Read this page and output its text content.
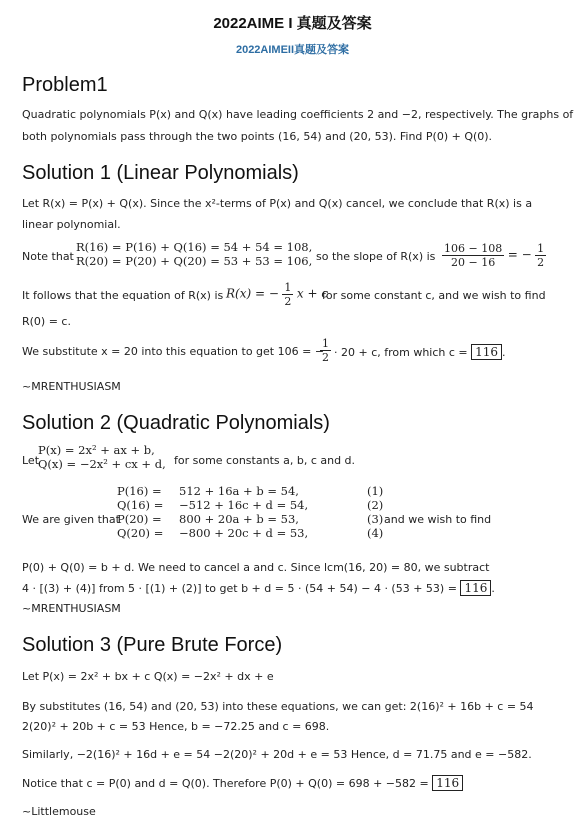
2022AIME I 真题及答案
2022AIMEII真题及答案
Problem1
Quadratic polynomials P(x) and Q(x) have leading coefficients 2 and −2, respectively. The graphs of
both polynomials pass through the two points (16, 54) and (20, 53). Find P(0) + Q(0).
Solution 1 (Linear Polynomials)
Let R(x) = P(x) + Q(x). Since the x²-terms of P(x) and Q(x) cancel, we conclude that R(x) is a
linear polynomial.
Note that
R(16) = P(16) + Q(16) = 54 + 54 = 108,
R(20) = P(20) + Q(20) = 53 + 53 = 106, so the slope of R(x) is $\frac{106 - 108}{20 - 16}$ = − $\frac{1}{2}$
It follows that the equation of R(x) is R(x) = − $\frac{1}{2}$ x + c
for some constant c, and we wish to find
R(0) = c.
We substitute x = 20 into this equation to get 106 = −
$\frac{1}{2} \cdot 20 + c$, from which c = 116 .
~MRENTHUSIASM
Solution 2 (Quadratic Polynomials)
Let
P(x) = 2x² + ax + b,
Q(x) = −2x² + cx + d, for some constants a, b, c and d.
We are given that
P(16) = 512 + 16a + b = 54,	(1)
Q(16) = −512 + 16c + d = 54,	(2)
P(20) = 800 + 20a + b = 53,	(3)
Q(20) = −800 + 20c + d = 53,	(4)
and we wish to find
P(0) + Q(0) = b + d. We need to cancel a and c. Since lcm(16, 20) = 80, we subtract
4 · [(3) + (4)] from 5 · [(1) + (2)] to get b + d = 5 · (54 + 54) − 4 · (53 + 53) = 116 .
~MRENTHUSIASM
Solution 3 (Pure Brute Force)
Let P(x) = 2x² + bx + c Q(x) = −2x² + dx + e
By substitutes (16, 54) and (20, 53) into these equations, we can get: 2(16)² + 16b + c = 54
2(20)² + 20b + c = 53 Hence, b = −72.25 and c = 698.
Similarly, −2(16)² + 16d + e = 54 −2(20)² + 20d + e = 53 Hence, d = 71.75 and e = −582.
Notice that c = P(0) and d = Q(0). Therefore P(0) + Q(0) = 698 + −582 = 116
~Littlemouse
